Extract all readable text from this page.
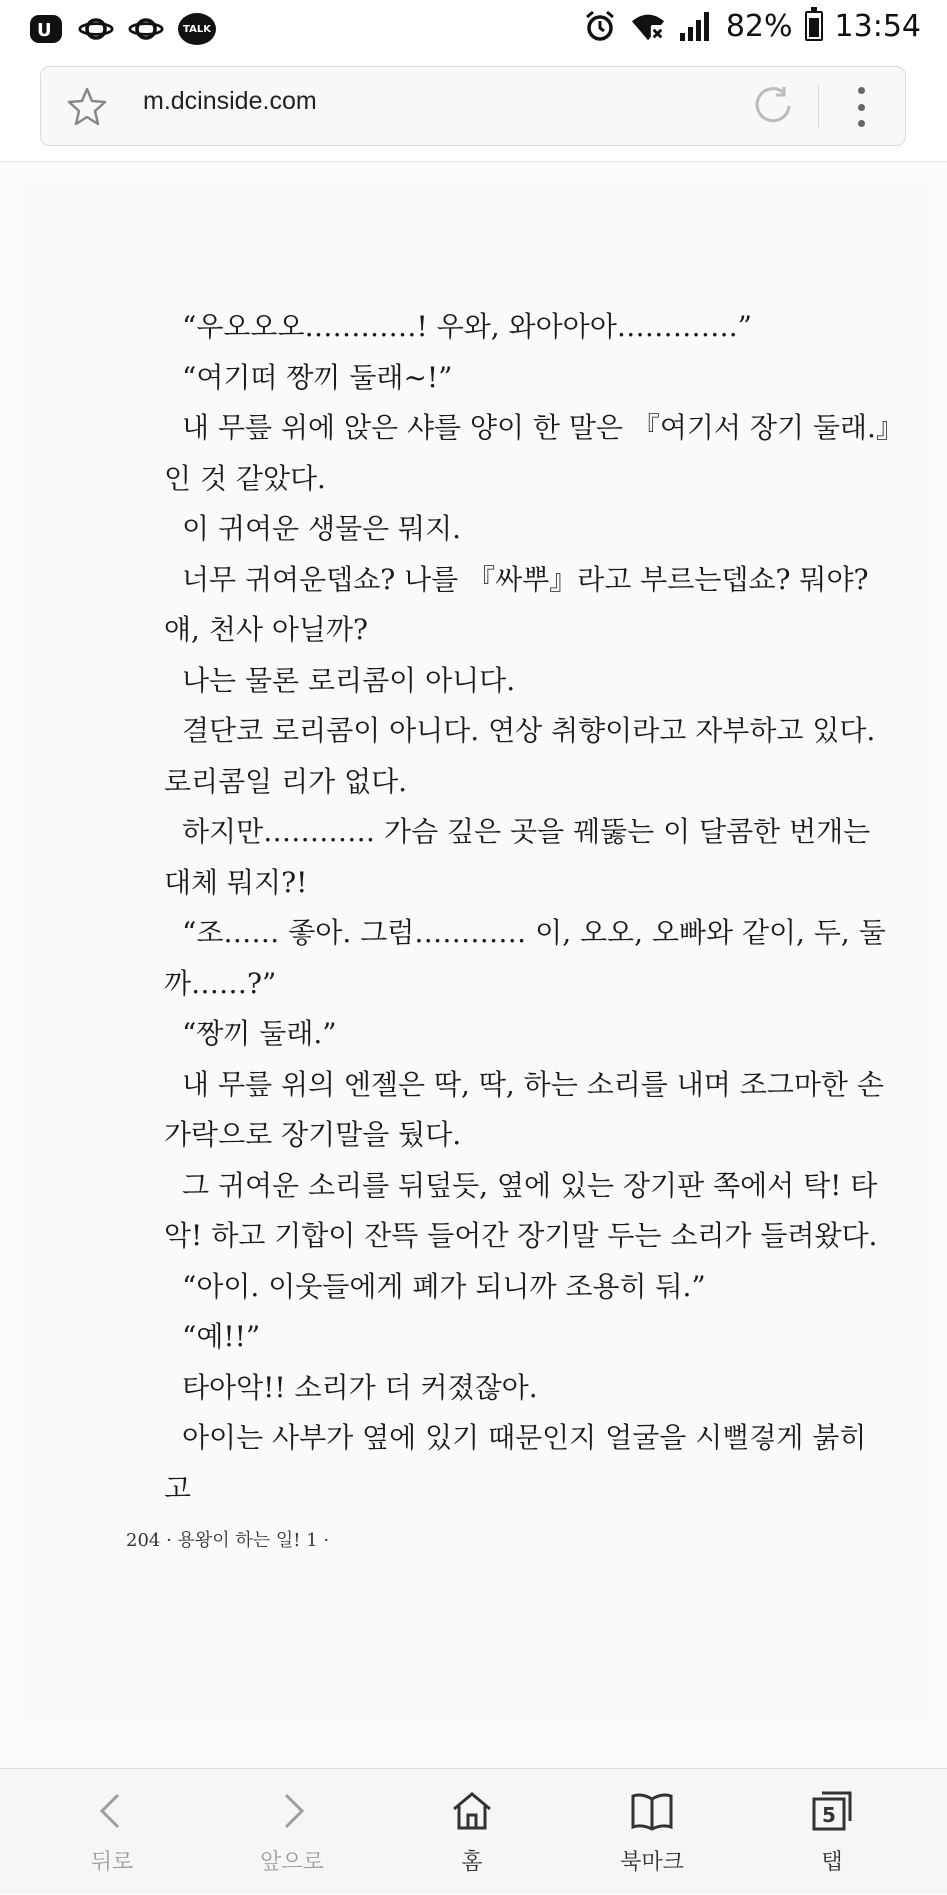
U	TALK	82% 13:54
m.dcinside.com

“우오오오…………! 우와, 와아아아………….”

“여기떠 짱끼 둘래~!”

내 무릎 위에 앉은 샤를 양이 한 말은 『여기서 장기 둘래.』인 것 같았다.

이 귀여운 생물은 뭐지.

너무 귀여운뎁쇼? 나를 『싸뿌』라고 부르는뎁쇼? 뭐야? 얘, 천사 아닐까?

나는 물론 로리콤이 아니다.

결단코 로리콤이 아니다. 연상 취향이라고 자부하고 있다. 로리콤일 리가 없다.

하지만………… 가슴 깊은 곳을 꿰뚫는 이 달콤한 번개는 대체 뭐지?!

“조…… 좋아. 그럼………… 이, 오오, 오빠와 같이, 두, 둘까……?”

“짱끼 둘래.”

내 무릎 위의 엔젤은 딱, 딱, 하는 소리를 내며 조그마한 손가락으로 장기말을 뒀다.

그 귀여운 소리를 뒤덮듯, 옆에 있는 장기판 쪽에서 탁! 타악! 하고 기합이 잔뜩 들어간 장기말 두는 소리가 들려왔다.

“아이. 이웃들에게 폐가 되니까 조용히 둬.”

“예!!”

타아악!! 소리가 더 커졌잖아.

아이는 사부가 옆에 있기 때문인지 얼굴을 시뻘겋게 붉히고

204 · 용왕이 하는 일! 1 ·
뒤로	앞으로	홈	북마크
5
탭
